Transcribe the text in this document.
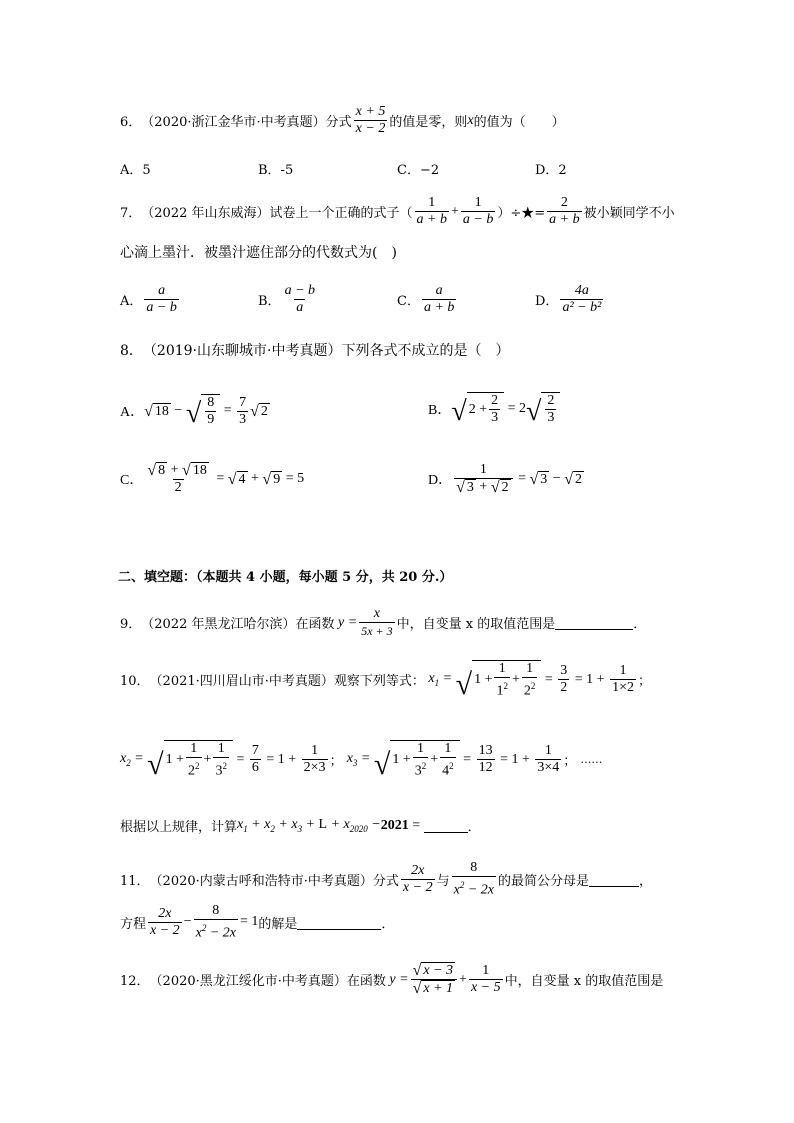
6． （2020·浙江金华市·中考真题） 分式 $\frac{x + 5}{x - 2}$ 的值是零，则 x 的值为（　　）
A．5	B．-5	C．−2	D．2
7． （2022 年山东威海） 试卷上一个正确的式子（ $\frac{1}{a + b} + \frac{1}{a - b}$ ）÷★= $\frac{2}{a + b}$ 被小颖同学不小
心滴上墨汁．被墨汁遮住部分的代数式为(　)
A． $\frac{a}{a - b}$	B． $\frac{a - b}{a}$	C． $\frac{a}{a + b}$	D． $\frac{4a}{\text{a² − b²}}$
8． （2019·山东聊城市·中考真题） 下列各式不成立的是（　）
A． √ 18 − √ $\frac{8}{9} = \frac{7}{3}$ √ 2	B． √ $2 + \frac{2}{3} = 2$ √ $\frac{2}{3}$
C． $\frac{√ 8 + √ 18}{2}$ = √ 4 + √ 9 = 5	D． $\frac{1}{√ 3 + √ 2}$ = √ 3 − √ 2
二、填空题：（本题共 4 小题，每小题 5 分，共 20 分.）
9． （2022 年黑龙江哈尔滨） 在函数 $y = \frac{x}{5x + 3}$ 中，自变量 x 的取值范围是	．
10． （2021·四川眉山市·中考真题） 观察下列等式： $x_1$ = √ $1 + \frac{1}{1^2} + \frac{1}{2^2} = \frac{3}{2} = 1 + \frac{1}{1\times 2}$ ；
$x_2$ = √ $1 + \frac{1}{2^2} + \frac{1}{3^2} = \frac{7}{6} = 1 + \frac{1}{2\times 3}$ ； $x_3$ = √ $1 + \frac{1}{3^2} + \frac{1}{4^2} = \frac{13}{12} = 1 + \frac{1}{3\times 4}$ ； ……
根据以上规律，计算 $x_1 + x_2 + x_3 + L + x_{2020} - 2021$ =	．
11． （2020·内蒙古呼和浩特市·中考真题） 分式 $\frac{2x}{x - 2}$ 与 $\frac{8}{x^2 - 2x}$ 的最简公分母是	，
方程 $\frac{2x}{x - 2} - \frac{8}{x^2 - 2x} = 1$ 的解是	．
12． （2020·黑龙江绥化市·中考真题） 在函数 $y = \frac{√ x - 3}{√ x + 1} + \frac{1}{x - 5}$ 中，自变量 x 的取值范围是
